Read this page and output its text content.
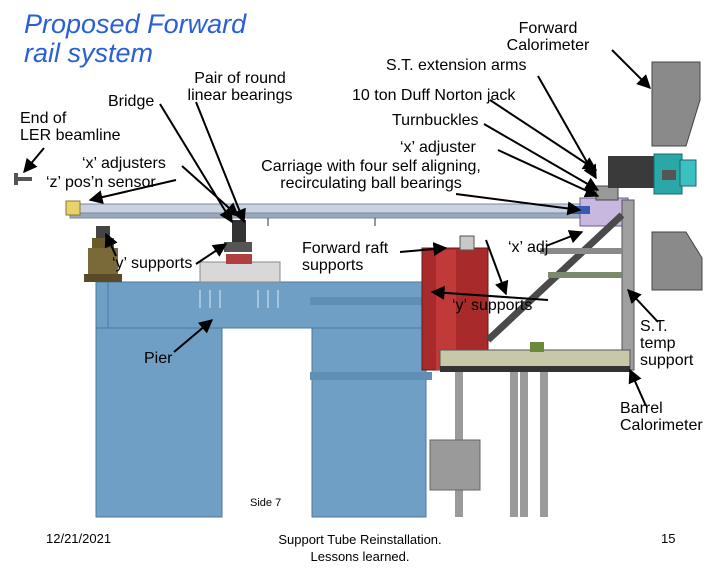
Proposed Forward
rail system
Forward
Calorimeter
S.T. extension arms
Pair of round
linear bearings
Bridge	10 ton Duff Norton jack
End of
LER beamline
Turnbuckles
‘x’ adjusters
‘x’ adjuster
Carriage with four self aligning,
recirculating ball bearings
‘z’ pos’n sensor
‘y’ supports
Forward raft
supports
‘x’ adj
‘y’ supports
S.T.
temp
support
Pier
Barrel
Calorimeter
Side 7
12/21/2021	Support Tube Reinstallation.
Lessons learned.
15
